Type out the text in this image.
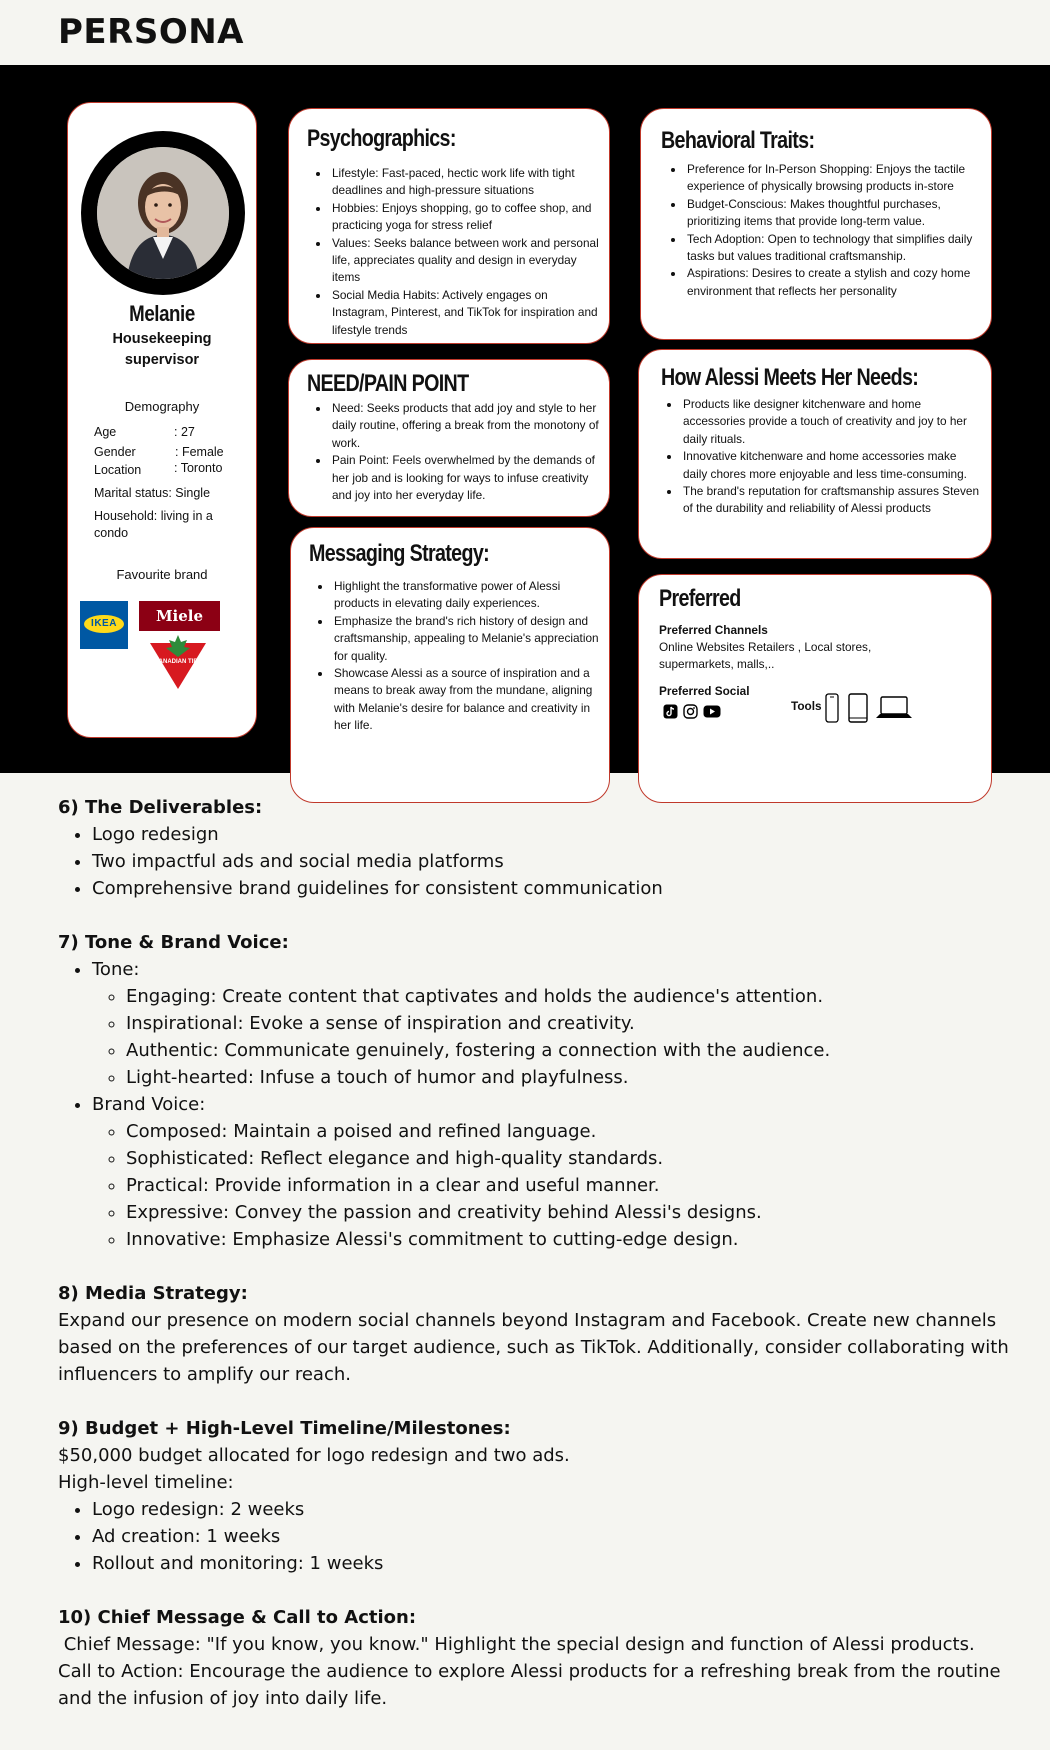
PERSONA
Melanie
Housekeeping supervisor
Demography
Age	: 27
Gender	: Female
Location	: Toronto
Marital status: Single
Household: living in a
condo
Favourite brand
IKEA	Miele
CANADIAN TIRE
Psychographics:
• Lifestyle: Fast-paced, hectic work life with tight deadlines and high-pressure situations
• Hobbies: Enjoys shopping, go to coffee shop, and practicing yoga for stress relief
• Values: Seeks balance between work and personal life, appreciates quality and design in everyday items
• Social Media Habits: Actively engages on Instagram, Pinterest, and TikTok for inspiration and lifestyle trends
NEED/PAIN POINT
• Need: Seeks products that add joy and style to her daily routine, offering a break from the monotony of work.
• Pain Point: Feels overwhelmed by the demands of her job and is looking for ways to infuse creativity and joy into her everyday life.
Messaging Strategy:
• Highlight the transformative power of Alessi products in elevating daily experiences.
• Emphasize the brand's rich history of design and craftsmanship, appealing to Melanie's appreciation for quality.
• Showcase Alessi as a source of inspiration and a means to break away from the mundane, aligning with Melanie's desire for balance and creativity in her life.
Behavioral Traits:
• Preference for In-Person Shopping: Enjoys the tactile experience of physically browsing products in-store
• Budget-Conscious: Makes thoughtful purchases, prioritizing items that provide long-term value.
• Tech Adoption: Open to technology that simplifies daily tasks but values traditional craftsmanship.
• Aspirations: Desires to create a stylish and cozy home environment that reflects her personality
How Alessi Meets Her Needs:
• Products like designer kitchenware and home accessories provide a touch of creativity and joy to her daily rituals.
• Innovative kitchenware and home accessories make daily chores more enjoyable and less time-consuming.
• The brand's reputation for craftsmanship assures Steven of the durability and reliability of Alessi products
Preferred
Preferred Channels
Online Websites Retailers , Local stores,
supermarkets, malls,..
Preferred Social
Tools
6) The Deliverables:
• Logo redesign
• Two impactful ads and social media platforms
• Comprehensive brand guidelines for consistent communication
7) Tone & Brand Voice:
• Tone:
◦ Engaging: Create content that captivates and holds the audience's attention.
◦ Inspirational: Evoke a sense of inspiration and creativity.
◦ Authentic: Communicate genuinely, fostering a connection with the audience.
◦ Light-hearted: Infuse a touch of humor and playfulness.
• Brand Voice:
◦ Composed: Maintain a poised and refined language.
◦ Sophisticated: Reflect elegance and high-quality standards.
◦ Practical: Provide information in a clear and useful manner.
◦ Expressive: Convey the passion and creativity behind Alessi's designs.
◦ Innovative: Emphasize Alessi's commitment to cutting-edge design.
8) Media Strategy:

Expand our presence on modern social channels beyond Instagram and Facebook. Create new channels based on the preferences of our target audience, such as TikTok. Additionally, consider collaborating with influencers to amplify our reach.

9) Budget + High-Level Timeline/Milestones:

$50,000 budget allocated for logo redesign and two ads.

High-level timeline:

• Logo redesign: 2 weeks
• Ad creation: 1 weeks
• Rollout and monitoring: 1 weeks
10) Chief Message & Call to Action:

Chief Message: "If you know, you know." Highlight the special design and function of Alessi products.

Call to Action: Encourage the audience to explore Alessi products for a refreshing break from the routine and the infusion of joy into daily life.
